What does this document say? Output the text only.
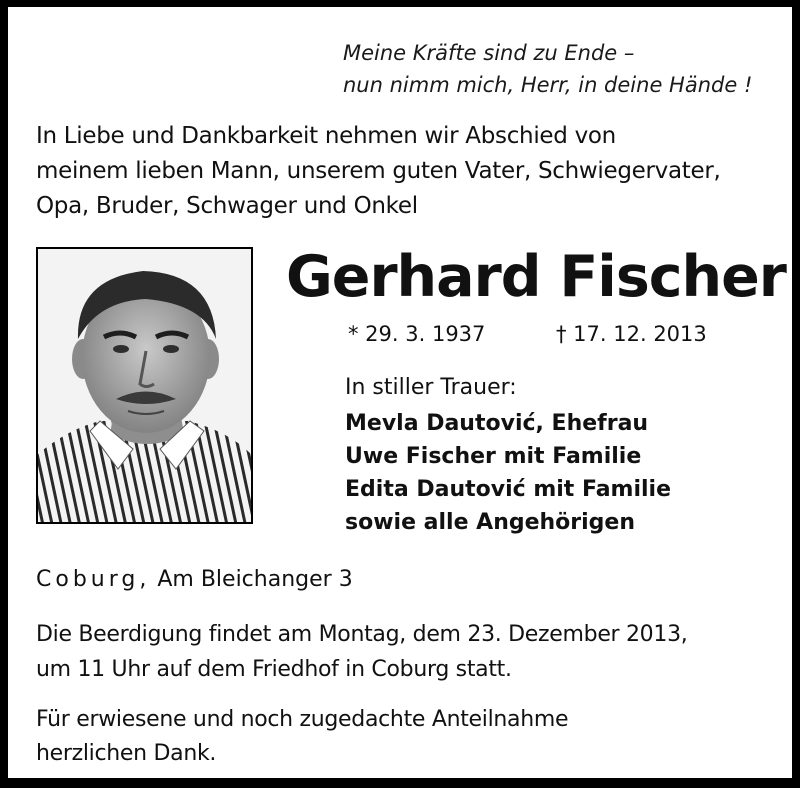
Meine Kräfte sind zu Ende –
nun nimm mich, Herr, in deine Hände !
In Liebe und Dankbarkeit nehmen wir Abschied von
meinem lieben Mann, unserem guten Vater, Schwiegervater,
Opa, Bruder, Schwager und Onkel
Gerhard Fischer
* 29. 3. 1937	† 17. 12. 2013
In stiller Trauer:
Mevla Dautović, Ehefrau
Uwe Fischer mit Familie
Edita Dautović mit Familie
sowie alle Angehörigen
Coburg, Am Bleichanger 3
Die Beerdigung findet am Montag, dem 23. Dezember 2013,
um 11 Uhr auf dem Friedhof in Coburg statt.
Für erwiesene und noch zugedachte Anteilnahme
herzlichen Dank.
